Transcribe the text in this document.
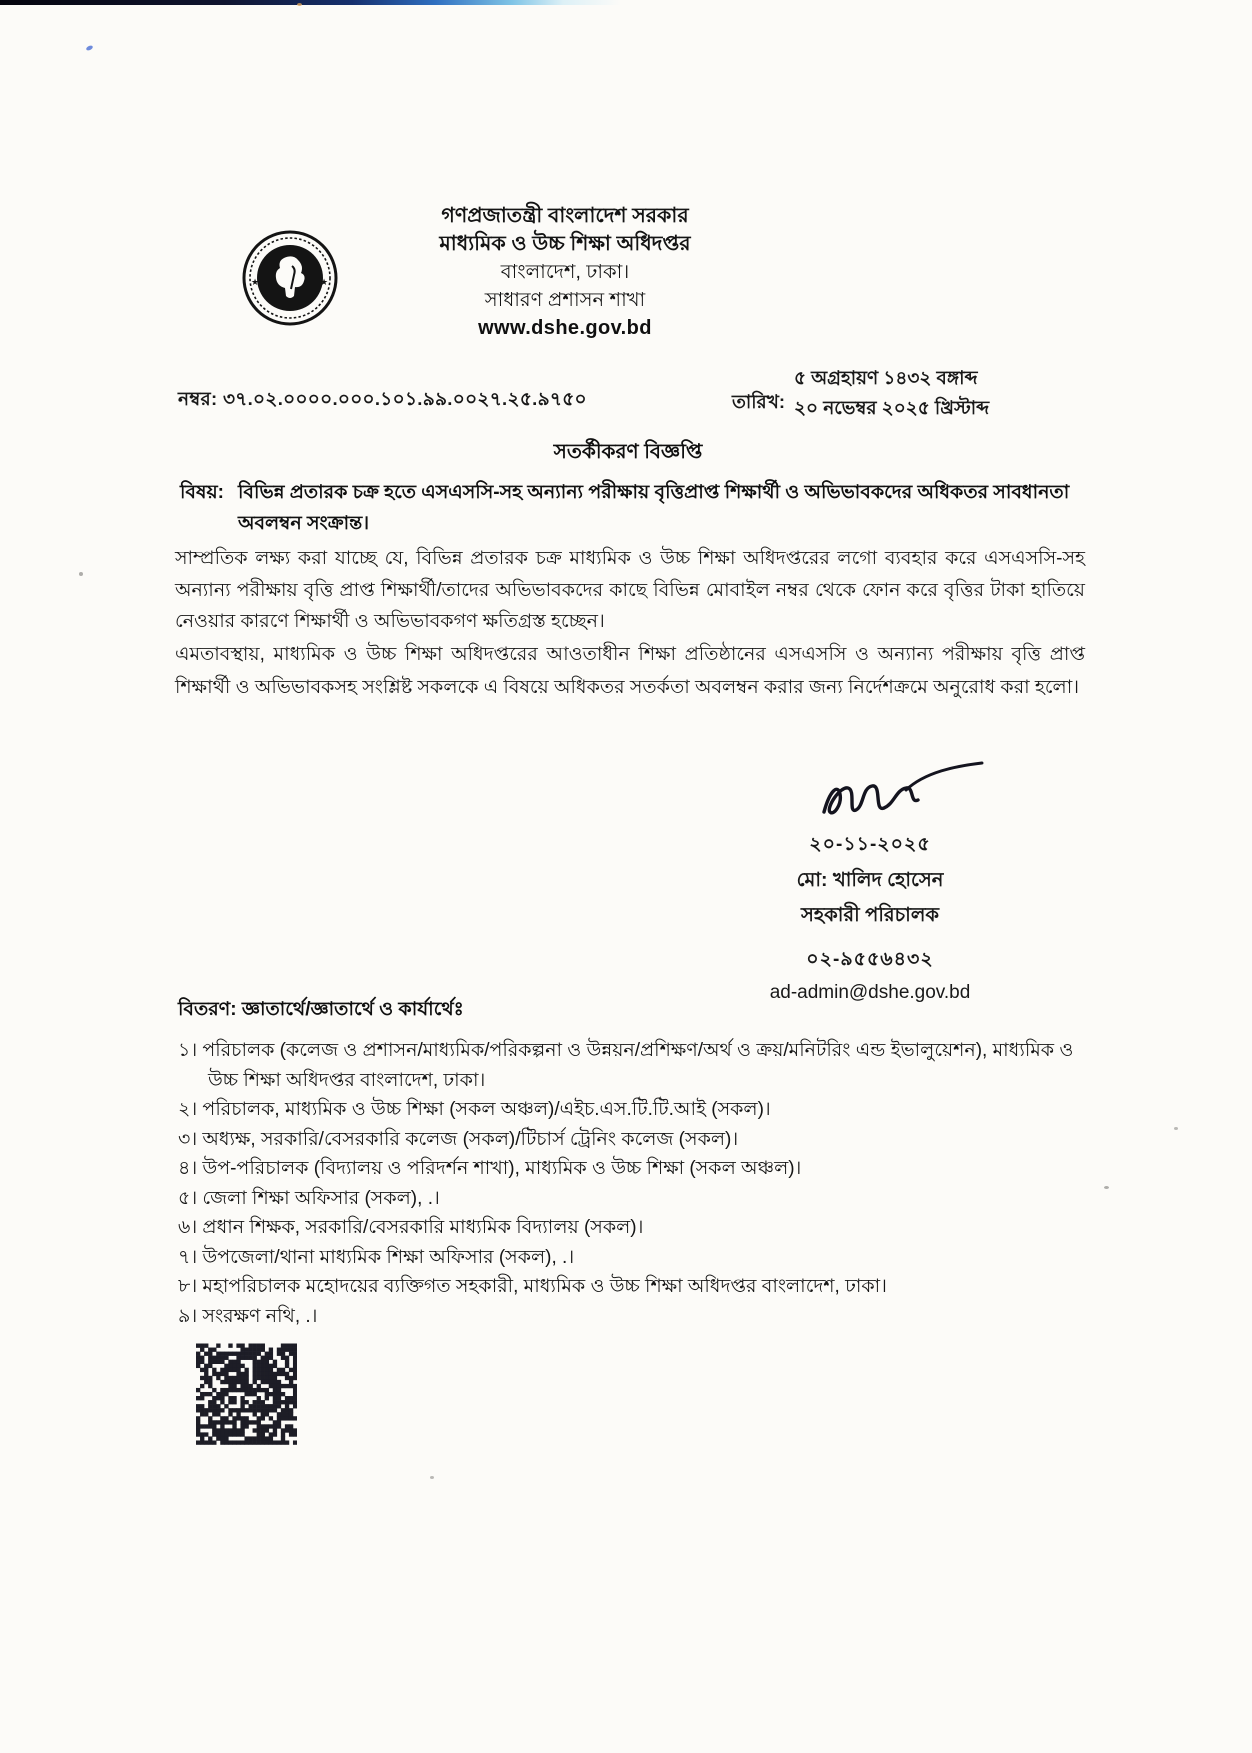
★	★
গণপ্রজাতন্ত্রী বাংলাদেশ সরকার
মাধ্যমিক ও উচ্চ শিক্ষা অধিদপ্তর
বাংলাদেশ, ঢাকা।
সাধারণ প্রশাসন শাখা
www.dshe.gov.bd
নম্বর: ৩৭.০২.০০০০.০০০.১০১.৯৯.০০২৭.২৫.৯৭৫০	তারিখ:
৫ অগ্রহায়ণ ১৪৩২ বঙ্গাব্দ
২০ নভেম্বর ২০২৫ খ্রিস্টাব্দ
সতর্কীকরণ বিজ্ঞপ্তি
বিষয়: বিভিন্ন প্রতারক চক্র হতে এসএসসি-সহ অন্যান্য পরীক্ষায় বৃত্তিপ্রাপ্ত শিক্ষার্থী ও অভিভাবকদের অধিকতর সাবধানতা অবলম্বন সংক্রান্ত।

সাম্প্রতিক লক্ষ্য করা যাচ্ছে যে, বিভিন্ন প্রতারক চক্র মাধ্যমিক ও উচ্চ শিক্ষা অধিদপ্তরের লগো ব্যবহার করে এসএসসি-সহ অন্যান্য পরীক্ষায় বৃত্তি প্রাপ্ত শিক্ষার্থী/তাদের অভিভাবকদের কাছে বিভিন্ন মোবাইল নম্বর থেকে ফোন করে বৃত্তির টাকা হাতিয়ে নেওয়ার কারণে শিক্ষার্থী ও অভিভাবকগণ ক্ষতিগ্রস্ত হচ্ছেন।

এমতাবস্থায়, মাধ্যমিক ও উচ্চ শিক্ষা অধিদপ্তরের আওতাধীন শিক্ষা প্রতিষ্ঠানের এসএসসি ও অন্যান্য পরীক্ষায় বৃত্তি প্রাপ্ত শিক্ষার্থী ও অভিভাবকসহ সংশ্লিষ্ট সকলকে এ বিষয়ে অধিকতর সতর্কতা অবলম্বন করার জন্য নির্দেশক্রমে অনুরোধ করা হলো।

২০-১১-২০২৫
মো: খালিদ হোসেন
সহকারী পরিচালক
০২-৯৫৫৬৪৩২
ad-admin@dshe.gov.bd
বিতরণ: জ্ঞাতার্থে/জ্ঞাতার্থে ও কার্যার্থেঃ
১। পরিচালক (কলেজ ও প্রশাসন/মাধ্যমিক/পরিকল্পনা ও উন্নয়ন/প্রশিক্ষণ/অর্থ ও ক্রয়/মনিটরিং এন্ড ইভালুয়েশন), মাধ্যমিক ও উচ্চ শিক্ষা অধিদপ্তর বাংলাদেশ, ঢাকা।
২। পরিচালক, মাধ্যমিক ও উচ্চ শিক্ষা (সকল অঞ্চল)/এইচ.এস.টি.টি.আই (সকল)।
৩। অধ্যক্ষ, সরকারি/বেসরকারি কলেজ (সকল)/টিচার্স ট্রেনিং কলেজ (সকল)।
৪। উপ-পরিচালক (বিদ্যালয় ও পরিদর্শন শাখা), মাধ্যমিক ও উচ্চ শিক্ষা (সকল অঞ্চল)।
৫। জেলা শিক্ষা অফিসার (সকল), .।
৬। প্রধান শিক্ষক, সরকারি/বেসরকারি মাধ্যমিক বিদ্যালয় (সকল)।
৭। উপজেলা/থানা মাধ্যমিক শিক্ষা অফিসার (সকল), .।
৮। মহাপরিচালক মহোদয়ের ব্যক্তিগত সহকারী, মাধ্যমিক ও উচ্চ শিক্ষা অধিদপ্তর বাংলাদেশ, ঢাকা।
৯। সংরক্ষণ নথি, .।
